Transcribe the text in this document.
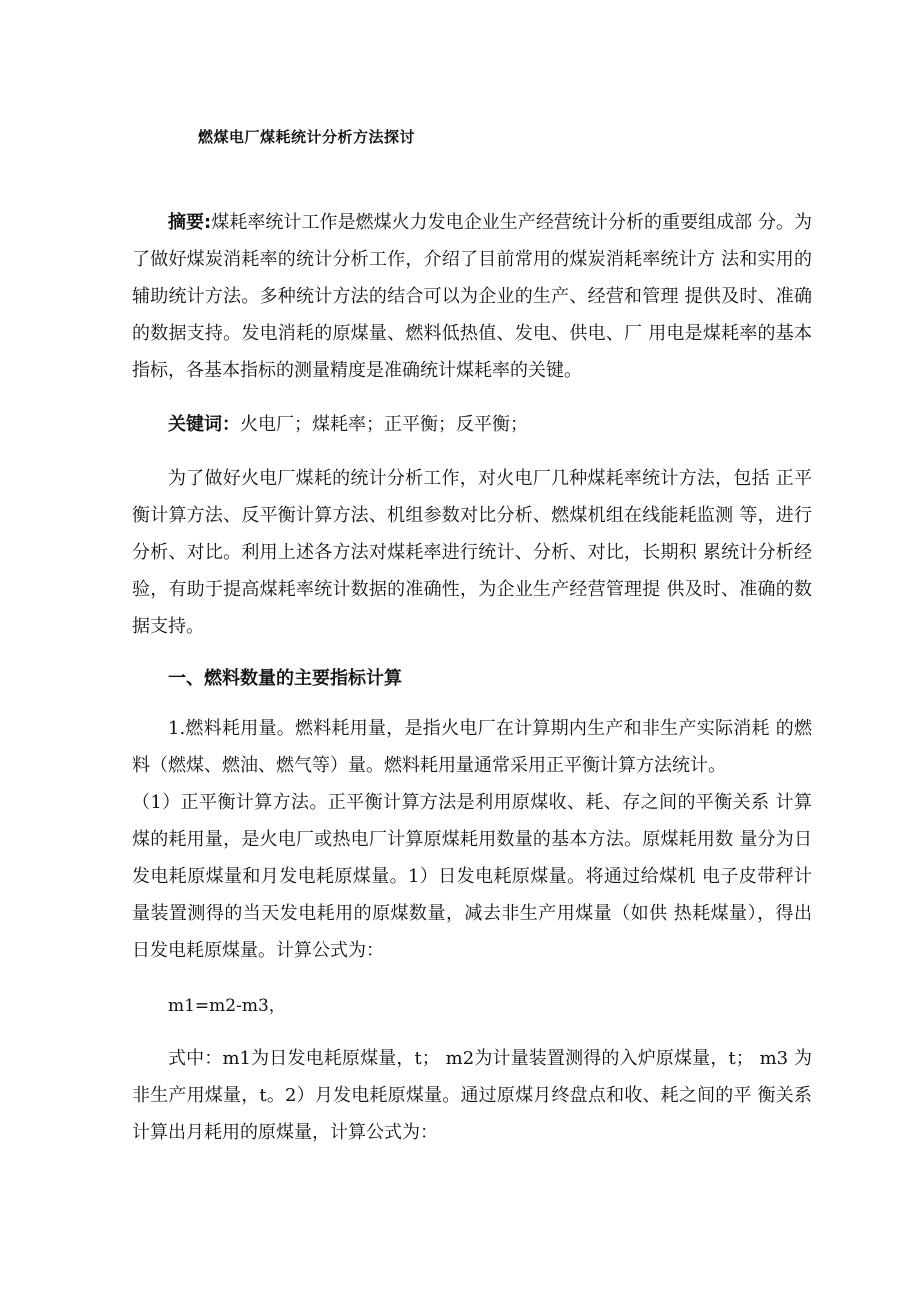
燃煤电厂煤耗统计分析方法探讨
摘要:煤耗率统计工作是燃煤火力发电企业生产经营统计分析的重要组成部 分。为了做好煤炭消耗率的统计分析工作，介绍了目前常用的煤炭消耗率统计方 法和实用的辅助统计方法。多种统计方法的结合可以为企业的生产、经营和管理 提供及时、准确的数据支持。发电消耗的原煤量、燃料低热值、发电、供电、厂 用电是煤耗率的基本指标，各基本指标的测量精度是准确统计煤耗率的关键。
关键词：火电厂；煤耗率；正平衡；反平衡；
为了做好火电厂煤耗的统计分析工作，对火电厂几种煤耗率统计方法，包括 正平衡计算方法、反平衡计算方法、机组参数对比分析、燃煤机组在线能耗监测 等，进行分析、对比。利用上述各方法对煤耗率进行统计、分析、对比，长期积 累统计分析经验，有助于提高煤耗率统计数据的准确性，为企业生产经营管理提 供及时、准确的数据支持。
一、燃料数量的主要指标计算
1.燃料耗用量。燃料耗用量，是指火电厂在计算期内生产和非生产实际消耗 的燃料（燃煤、燃油、燃气等）量。燃料耗用量通常采用正平衡计算方法统计。
（1）正平衡计算方法。正平衡计算方法是利用原煤收、耗、存之间的平衡关系 计算煤的耗用量，是火电厂或热电厂计算原煤耗用数量的基本方法。原煤耗用数 量分为日发电耗原煤量和月发电耗原煤量。1）日发电耗原煤量。将通过给煤机 电子皮带秤计量装置测得的当天发电耗用的原煤数量，减去非生产用煤量（如供 热耗煤量），得出日发电耗原煤量。计算公式为：
m1=m2-m3，
式中：m1为日发电耗原煤量，t； m2为计量装置测得的入炉原煤量，t； m3 为非生产用煤量，t。2）月发电耗原煤量。通过原煤月终盘点和收、耗之间的平 衡关系计算出月耗用的原煤量，计算公式为：
